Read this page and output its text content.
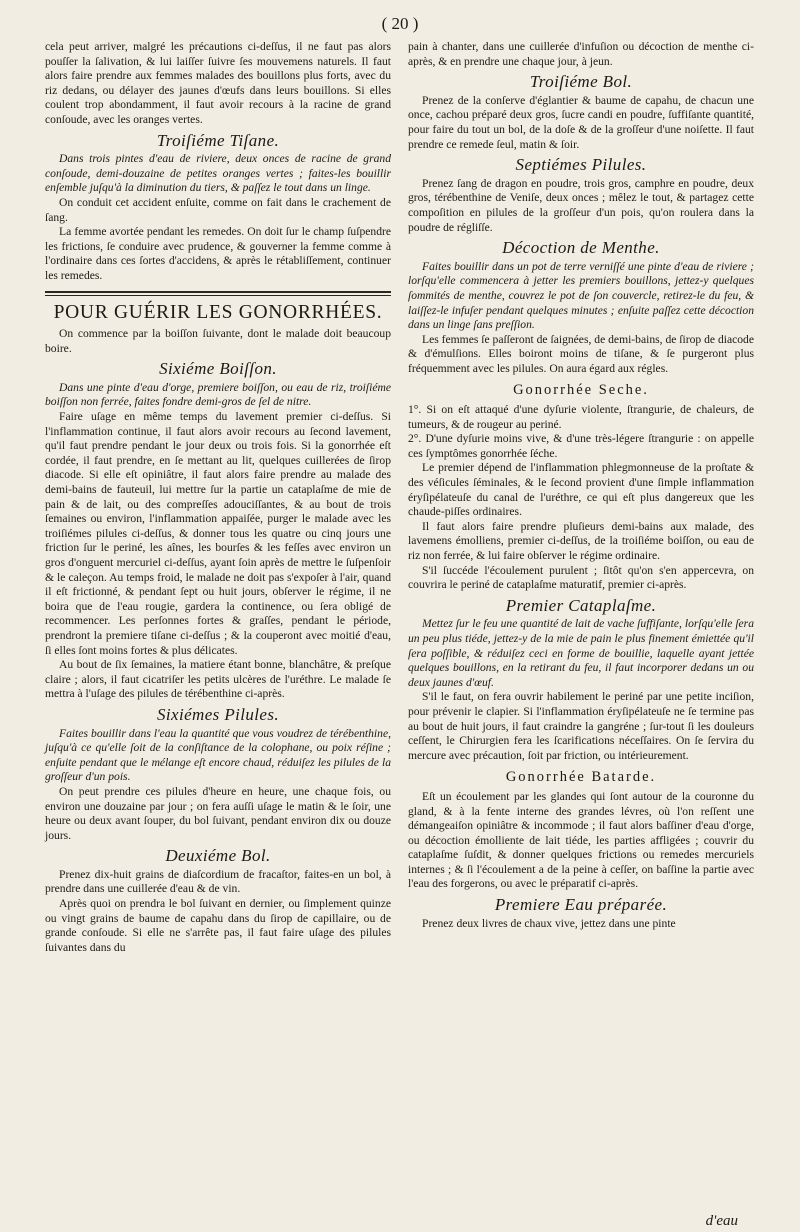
( 20 )

cela peut arriver, malgré les précautions ci-deſſus, il ne faut pas alors pouſſer la ſalivation, & lui laiſſer ſuivre ſes mouvemens naturels. Il faut alors faire prendre aux femmes malades des bouillons plus forts, avec du riz dedans, ou délayer des jaunes d'œufs dans leurs bouillons. Si elles coulent trop abondamment, il faut avoir recours à la racine de grand conſoude, avec les oranges vertes.

Troiſiéme Tiſane.

Dans trois pintes d'eau de riviere, deux onces de racine de grand conſoude, demi-douzaine de petites oranges vertes ; faites-les bouillir enſemble juſqu'à la diminution du tiers, & paſſez le tout dans un linge.

On conduit cet accident enſuite, comme on fait dans le crachement de ſang.

La femme avortée pendant les remedes. On doit ſur le champ ſuſpendre les frictions, ſe conduire avec prudence, & gouverner la femme comme à l'ordinaire dans ces ſortes d'accidens, & après le rétabliſſement, continuer les remedes.

POUR GUÉRIR LES GONORRHÉES.

On commence par la boiſſon ſuivante, dont le malade doit beaucoup boire.

Sixiéme Boiſſon.

Dans une pinte d'eau d'orge, premiere boiſſon, ou eau de riz, troiſiéme boiſſon non ferrée, faites fondre demi-gros de ſel de nitre.

Faire uſage en même temps du lavement premier ci-deſſus. Si l'inflammation continue, il faut alors avoir recours au ſecond lavement, qu'il faut prendre pendant le jour deux ou trois fois. Si la gonorrhée eſt cordée, il faut prendre, en ſe mettant au lit, quelques cuillerées de ſirop diacode. Si elle eſt opiniâtre, il faut alors faire prendre au malade des demi-bains de fauteuil, lui mettre ſur la partie un cataplaſme de mie de pain & de lait, ou des compreſſes adouciſſantes, & au bout de trois ſemaines ou environ, l'inflammation appaiſée, purger le malade avec les troiſiémes pilules ci-deſſus, & donner tous les quatre ou cinq jours une friction ſur le periné, les aînes, les bourſes & les feſſes avec environ un gros d'onguent mercuriel ci-deſſus, ayant ſoin après de mettre le ſuſpenſoir & le caleçon. Au temps froid, le malade ne doit pas s'expoſer à l'air, quand il eſt frictionné, & pendant ſept ou huit jours, obſerver le régime, il ne boira que de l'eau rougie, gardera la continence, ou ſera obligé de recommencer. Les perſonnes fortes & graſſes, pendant le période, prendront la premiere tiſane ci-deſſus ; & la couperont avec moitié d'eau, ſi elles ſont moins fortes & plus délicates.

Au bout de ſix ſemaines, la matiere étant bonne, blanchâtre, & preſque claire ; alors, il faut cicatriſer les petits ulcères de l'uréthre. Le malade ſe mettra à l'uſage des pilules de térébenthine ci-après.

Sixiémes Pilules.

Faites bouillir dans l'eau la quantité que vous voudrez de térébenthine, juſqu'à ce qu'elle ſoit de la conſiſtance de la colophane, ou poix réſine ; enſuite pendant que le mélange eſt encore chaud, réduiſez les pilules de la groſſeur d'un pois.

On peut prendre ces pilules d'heure en heure, une chaque fois, ou environ une douzaine par jour ; on fera auſſi uſage le matin & le ſoir, une heure ou deux avant ſouper, du bol ſuivant, pendant environ dix ou douze jours.

Deuxiéme Bol.

Prenez dix-huit grains de diaſcordium de fracaſtor, faites-en un bol, à prendre dans une cuillerée d'eau & de vin.

Après quoi on prendra le bol ſuivant en dernier, ou ſimplement quinze ou vingt grains de baume de capahu dans du ſirop de capillaire, ou de grande conſoude. Si elle ne s'arrête pas, il faut faire uſage des pilules ſuivantes dans du

pain à chanter, dans une cuillerée d'infuſion ou décoction de menthe ci-après, & en prendre une chaque jour, à jeun.

Troiſiéme Bol.

Prenez de la conſerve d'églantier & baume de capahu, de chacun une once, cachou préparé deux gros, ſucre candi en poudre, ſuffiſante quantité, pour faire du tout un bol, de la doſe & de la groſſeur d'une noiſette. Il faut prendre ce remede ſeul, matin & ſoir.

Septiémes Pilules.

Prenez ſang de dragon en poudre, trois gros, camphre en poudre, deux gros, térébenthine de Veniſe, deux onces ; mêlez le tout, & partagez cette compoſition en pilules de la groſſeur d'un pois, qu'on roulera dans la poudre de régliſſe.

Décoction de Menthe.

Faites bouillir dans un pot de terre verniſſé une pinte d'eau de riviere ; lorſqu'elle commencera à jetter les premiers bouillons, jettez-y quelques ſommités de menthe, couvrez le pot de ſon couvercle, retirez-le du feu, & laiſſez-le infuſer pendant quelques minutes ; enſuite paſſez cette décoction dans un linge ſans preſſion.

Les femmes ſe paſſeront de ſaignées, de demi-bains, de ſirop de diacode & d'émulſions. Elles boiront moins de tiſane, & ſe purgeront plus fréquemment avec les pilules. On aura égard aux régles.

Gonorrhée Seche.

1°. Si on eſt attaqué d'une dyſurie violente, ſtrangurie, de chaleurs, de tumeurs, & de rougeur au periné.

2°. D'une dyſurie moins vive, & d'une très-légere ſtrangurie : on appelle ces ſymptômes gonorrhée ſéche.

Le premier dépend de l'inflammation phlegmonneuse de la proſtate & des véſicules ſéminales, & le ſecond provient d'une ſimple inflammation éryſipélateuſe du canal de l'uréthre, ce qui eſt plus dangereux que les chaude-piſſes ordinaires.

Il faut alors faire prendre pluſieurs demi-bains aux malade, des lavemens émolliens, premier ci-deſſus, de la troiſiéme boiſſon, ou eau de riz non ferrée, & lui faire obſerver le régime ordinaire.

S'il ſuccéde l'écoulement purulent ; ſitôt qu'on s'en appercevra, on couvrira le periné de cataplaſme maturatif, premier ci-après.

Premier Cataplaſme.

Mettez ſur le feu une quantité de lait de vache ſuffiſante, lorſqu'elle ſera un peu plus tiéde, jettez-y de la mie de pain le plus finement émiettée qu'il ſera poſſible, & réduiſez ceci en forme de bouillie, laquelle ayant jettée quelques bouillons, en la retirant du feu, il faut incorporer dedans un ou deux jaunes d'œuf.

S'il le faut, on fera ouvrir habilement le periné par une petite inciſion, pour prévenir le clapier. Si l'inflammation éryſipélateuſe ne ſe termine pas au bout de huit jours, il faut craindre la gangréne ; ſur-tout ſi les douleurs ceſſent, le Chirurgien fera les ſcarifications néceſſaires. On ſe ſervira du mercure avec précaution, ſoit par friction, ou intérieurement.

Gonorrhée Batarde.

Eſt un écoulement par les glandes qui ſont autour de la couronne du gland, & à la fente interne des grandes lévres, où l'on reſſent une démangeaiſon opiniâtre & incommode ; il faut alors baſſiner d'eau d'orge, ou décoction émolliente de lait tiéde, les parties affligées ; couvrir du cataplaſme ſuſdit, & donner quelques frictions ou remedes mercuriels internes ; & ſi l'écoulement a de la peine à ceſſer, on baſſine la partie avec l'eau des forgerons, ou avec le préparatif ci-après.

Premiere Eau préparée.

Prenez deux livres de chaux vive, jettez dans une pinte

d'eau
